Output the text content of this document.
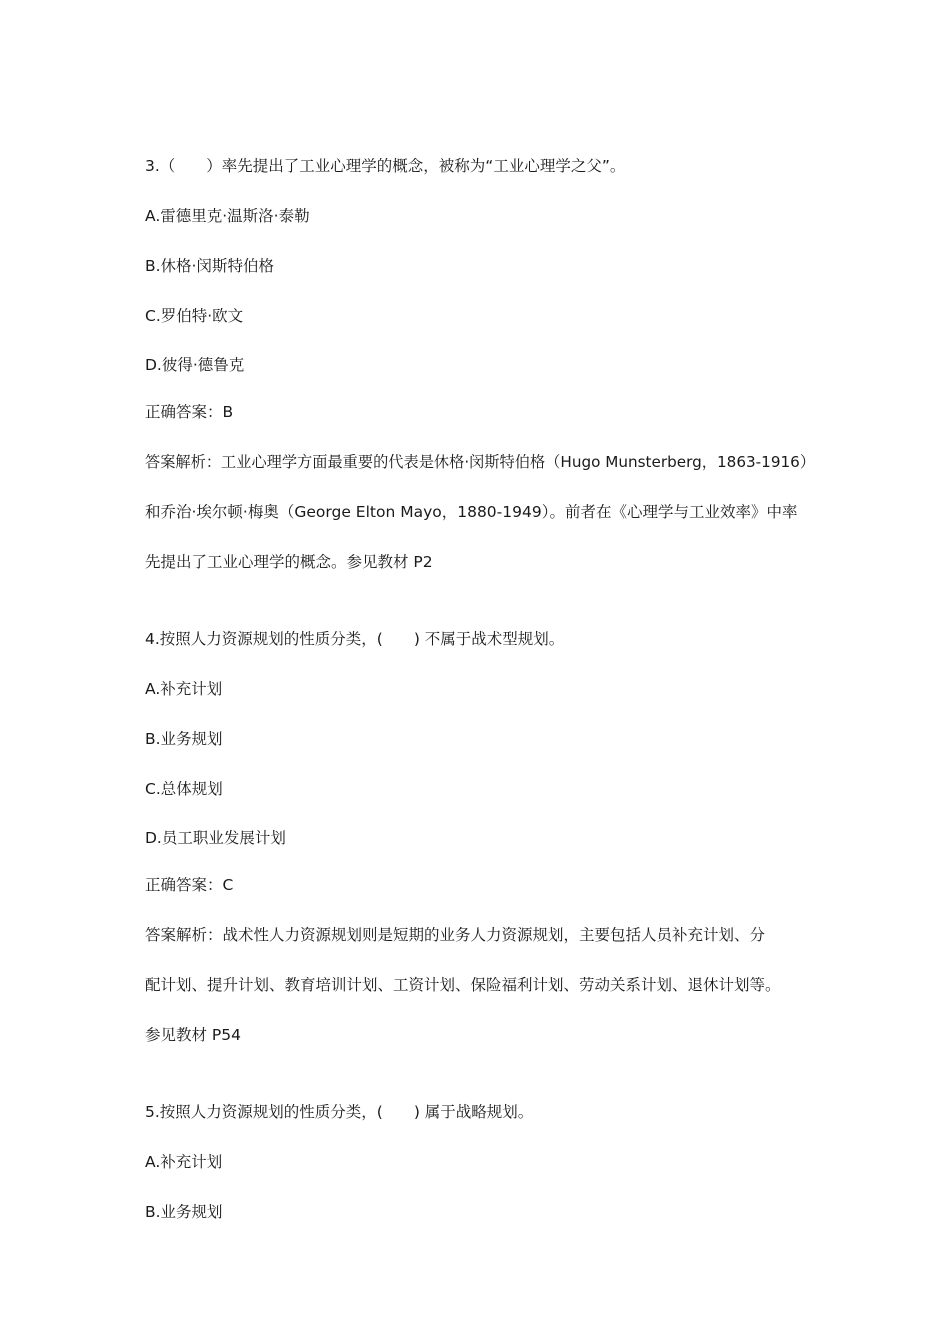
3.（　　）率先提出了工业心理学的概念，被称为“工业心理学之父”。
A.雷德里克·温斯洛·泰勒
B.休格·闵斯特伯格
C.罗伯特·欧文
D.彼得·德鲁克
正确答案：B
答案解析：工业心理学方面最重要的代表是休格·闵斯特伯格（Hugo Munsterberg，1863-1916）
和乔治·埃尔顿·梅奥（George Elton Mayo，1880-1949）。前者在《心理学与工业效率》中率
先提出了工业心理学的概念。参见教材 P2
4.按照人力资源规划的性质分类，(　　) 不属于战术型规划。
A.补充计划
B.业务规划
C.总体规划
D.员工职业发展计划
正确答案：C
答案解析：战术性人力资源规划则是短期的业务人力资源规划，主要包括人员补充计划、分
配计划、提升计划、教育培训计划、工资计划、保险福利计划、劳动关系计划、退休计划等。
参见教材 P54
5.按照人力资源规划的性质分类，(　　) 属于战略规划。
A.补充计划
B.业务规划
